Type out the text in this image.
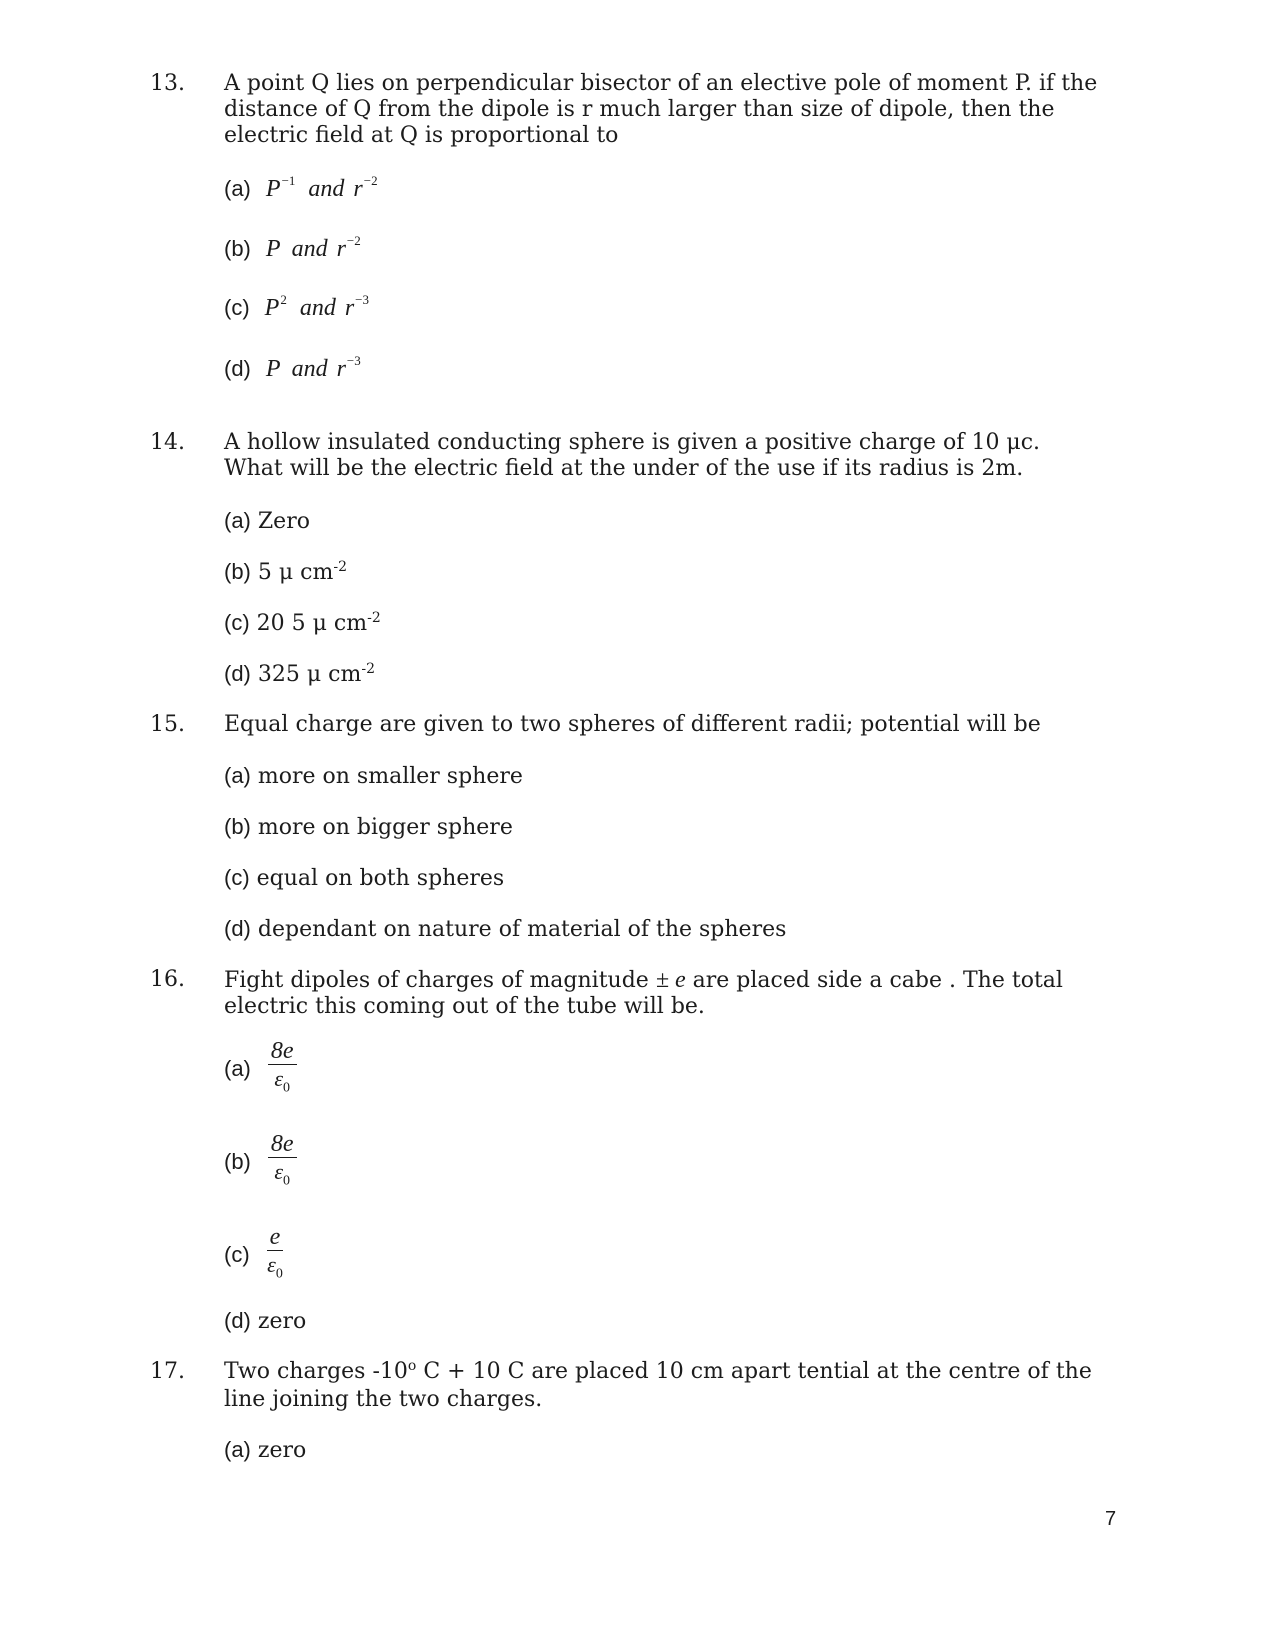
13. A point Q lies on perpendicular bisector of an elective pole of moment P. if the distance of Q from the dipole is r much larger than size of dipole, then the electric field at Q is proportional to
(a) $P^{-1}$ and $r^{-2}$
(b) P and $r^{-2}$
(c) $P^2$ and $r^{-3}$
(d) P and $r^{-3}$
14. A hollow insulated conducting sphere is given a positive charge of 10 μc. What will be the electric field at the under of the use if its radius is 2m.
(a) Zero
(b) 5 μ $cm^{-2}$
(c) 20 5 μ $cm^{-2}$
(d) 325 μ $cm^{-2}$
15. Equal charge are given to two spheres of different radii; potential will be
(a) more on smaller sphere
(b) more on bigger sphere
(c) equal on both spheres
(d) dependant on nature of material of the spheres
16. Fight dipoles of charges of magnitude ± e are placed side a cabe . The total electric this coming out of the tube will be.
$(a) \frac{8e}{\varepsilon_0}$
$(b) \frac{8e}{\varepsilon_0}$
$(c) \frac{e}{\varepsilon_0}$
(d) zero
17. Two charges -10$^o$ C + 10 C are placed 10 cm apart tential at the centre of the line joining the two charges.
(a) zero
7
